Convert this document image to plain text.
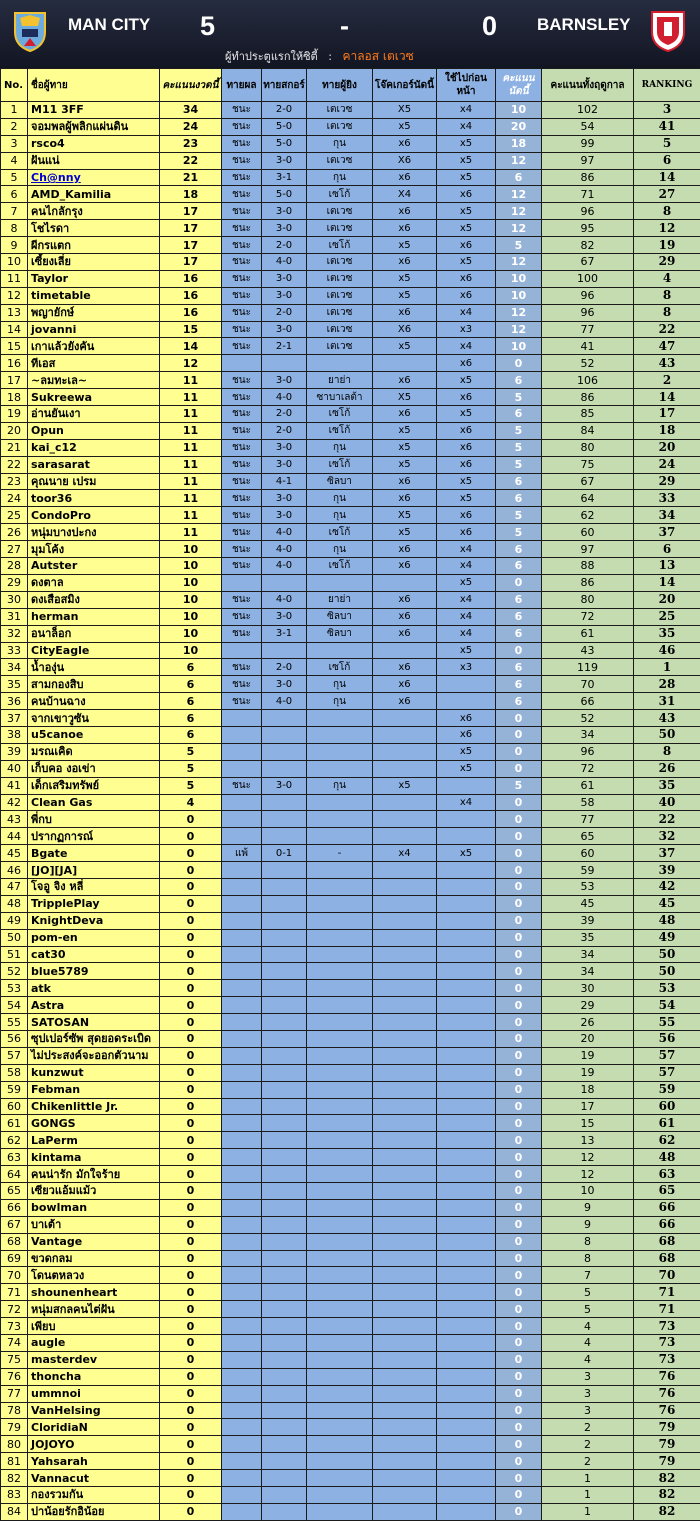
MAN CITY 5	-	0 BARNSLEY
ผู้ทำประตูแรกให้ซิตี้ : คาลอส เตเวซ
No.	ชื่อผู้ทาย	คะแนนงวดนี้	ทายผล	ทายสกอร์	ทายผู้ยิง	โจ๊คเกอร์นัดนี้	ใช้ไปก่อนหน้า	คะแนนนัดนี้	คะแนนทั้งฤดูกาล	RANKING
1	M11 3FF	34	ชนะ	2-0	เตเวซ	X5	x4	10	102	3
2	จอมพลผู้พลิกแผ่นดิน	24	ชนะ	5-0	เตเวซ	x5	x4	20	54	41
3	rsco4	23	ชนะ	5-0	กุน	x6	x5	18	99	5
4	ฝันแน่	22	ชนะ	3-0	เตเวซ	X6	x5	12	97	6
5	Ch@nny	21	ชนะ	3-1	กุน	x6	x5	6	86	14
6	AMD_Kamilia	18	ชนะ	5-0	เซโก้	X4	x6	12	71	27
7	คนไกลักรุง	17	ชนะ	3-0	เตเวซ	x6	x5	12	96	8
8	โชไรดา	17	ชนะ	3-0	เตเวซ	x6	x5	12	95	12
9	ผีกรแตก	17	ชนะ	2-0	เซโก้	x5	x6	5	82	19
10	เซี้ยงเลี่ย	17	ชนะ	4-0	เตเวซ	x6	x5	12	67	29
11	Taylor	16	ชนะ	3-0	เตเวซ	x5	x6	10	100	4
12	timetable	16	ชนะ	3-0	เตเวซ	x5	x6	10	96	8
13	พญายักษ์	16	ชนะ	2-0	เตเวซ	x6	x4	12	96	8
14	jovanni	15	ชนะ	3-0	เตเวซ	X6	x3	12	77	22
15	เกาแล้วยังคัน	14	ชนะ	2-1	เตเวซ	x5	x4	10	41	47
16	ทีเอส	12					x6	0	52	43
17	~ลมทะเล~	11	ชนะ	3-0	ยาย่า	x6	x5	6	106	2
18	Sukreewa	11	ชนะ	4-0	ซาบาเลต้า	X5	x6	5	86	14
19	อ่านยันเงา	11	ชนะ	2-0	เซโก้	x6	x5	6	85	17
20	Opun	11	ชนะ	2-0	เซโก้	x5	x6	5	84	18
21	kai_c12	11	ชนะ	3-0	กุน	x5	x6	5	80	20
22	sarasarat	11	ชนะ	3-0	เซโก้	x5	x6	5	75	24
23	คุณนาย เปรม	11	ชนะ	4-1	ซิลบา	x6	x5	6	67	29
24	toor36	11	ชนะ	3-0	กุน	x6	x5	6	64	33
25	CondoPro	11	ชนะ	3-0	กุน	X5	x6	5	62	34
26	หนุ่มบางปะกง	11	ชนะ	4-0	เซโก้	x5	x6	5	60	37
27	มุมโค้ง	10	ชนะ	4-0	กุน	x6	x4	6	97	6
28	Autster	10	ชนะ	4-0	เซโก้	x6	x4	6	88	13
29	ดงตาล	10					x5	0	86	14
30	ดงเสือสมิง	10	ชนะ	4-0	ยาย่า	x6	x4	6	80	20
31	herman	10	ชนะ	3-0	ซิลบา	x6	x4	6	72	25
32	อนาล็อก	10	ชนะ	3-1	ซิลบา	x6	x4	6	61	35
33	CityEagle	10					x5	0	43	46
34	น้ำองุ่น	6	ชนะ	2-0	เซโก้	x6	x3	6	119	1
35	สามกองสิบ	6	ชนะ	3-0	กุน	x6		6	70	28
36	คนบ้านฉาง	6	ชนะ	4-0	กุน	x6		6	66	31
37	จากเขาวูซัน	6					x6	0	52	43
38	u5canoe	6					x6	0	34	50
39	มรณเคิด	5					x5	0	96	8
40	เก็บคอ งอเข่า	5					x5	0	72	26
41	เด็กเสริมทรัพย์	5	ชนะ	3-0	กุน	x5		5	61	35
42	Clean Gas	4					x4	0	58	40
43	พี่กบ	0						0	77	22
44	ปรากฏการณ์	0						0	65	32
45	Bgate	0	แพ้	0-1	-	x4	x5	0	60	37
46	[JO][JA]	0						0	59	39
47	โจอู จิง หลี่	0						0	53	42
48	TripplePlay	0						0	45	45
49	KnightDeva	0						0	39	48
50	pom-en	0						0	35	49
51	cat30	0						0	34	50
52	blue5789	0						0	34	50
53	atk	0						0	30	53
54	Astra	0						0	29	54
55	SATOSAN	0						0	26	55
56	ซุปเปอร์ซัพ สุดยอดระเบิด	0						0	20	56
57	ไม่ประสงค์จะออกตัวนาม	0						0	19	57
58	kunzwut	0						0	19	57
59	Febman	0						0	18	59
60	Chikenlittle Jr.	0						0	17	60
61	GONGS	0						0	15	61
62	LaPerm	0						0	13	62
63	kintama	0						0	12	48
64	คนน่ารัก มักใจร้าย	0						0	12	63
65	เซียวแอ้มแม้ว	0						0	10	65
66	bowlman	0						0	9	66
67	บาเต้า	0						0	9	66
68	Vantage	0						0	8	68
69	ขวดกลม	0						0	8	68
70	โดนตหลวง	0						0	7	70
71	shounenheart	0						0	5	71
72	หนุ่มสกลคนไต่ฝัน	0						0	5	71
73	เพียบ	0						0	4	73
74	augle	0						0	4	73
75	masterdev	0						0	4	73
76	thoncha	0						0	3	76
77	ummnoi	0						0	3	76
78	VanHelsing	0						0	3	76
79	CloridiaN	0						0	2	79
80	JOJOYO	0						0	2	79
81	Yahsarah	0						0	2	79
82	Vannacut	0						0	1	82
83	กองรวมกัน	0						0	1	82
84	ปาน้อยรักอิน้อย	0						0	1	82
